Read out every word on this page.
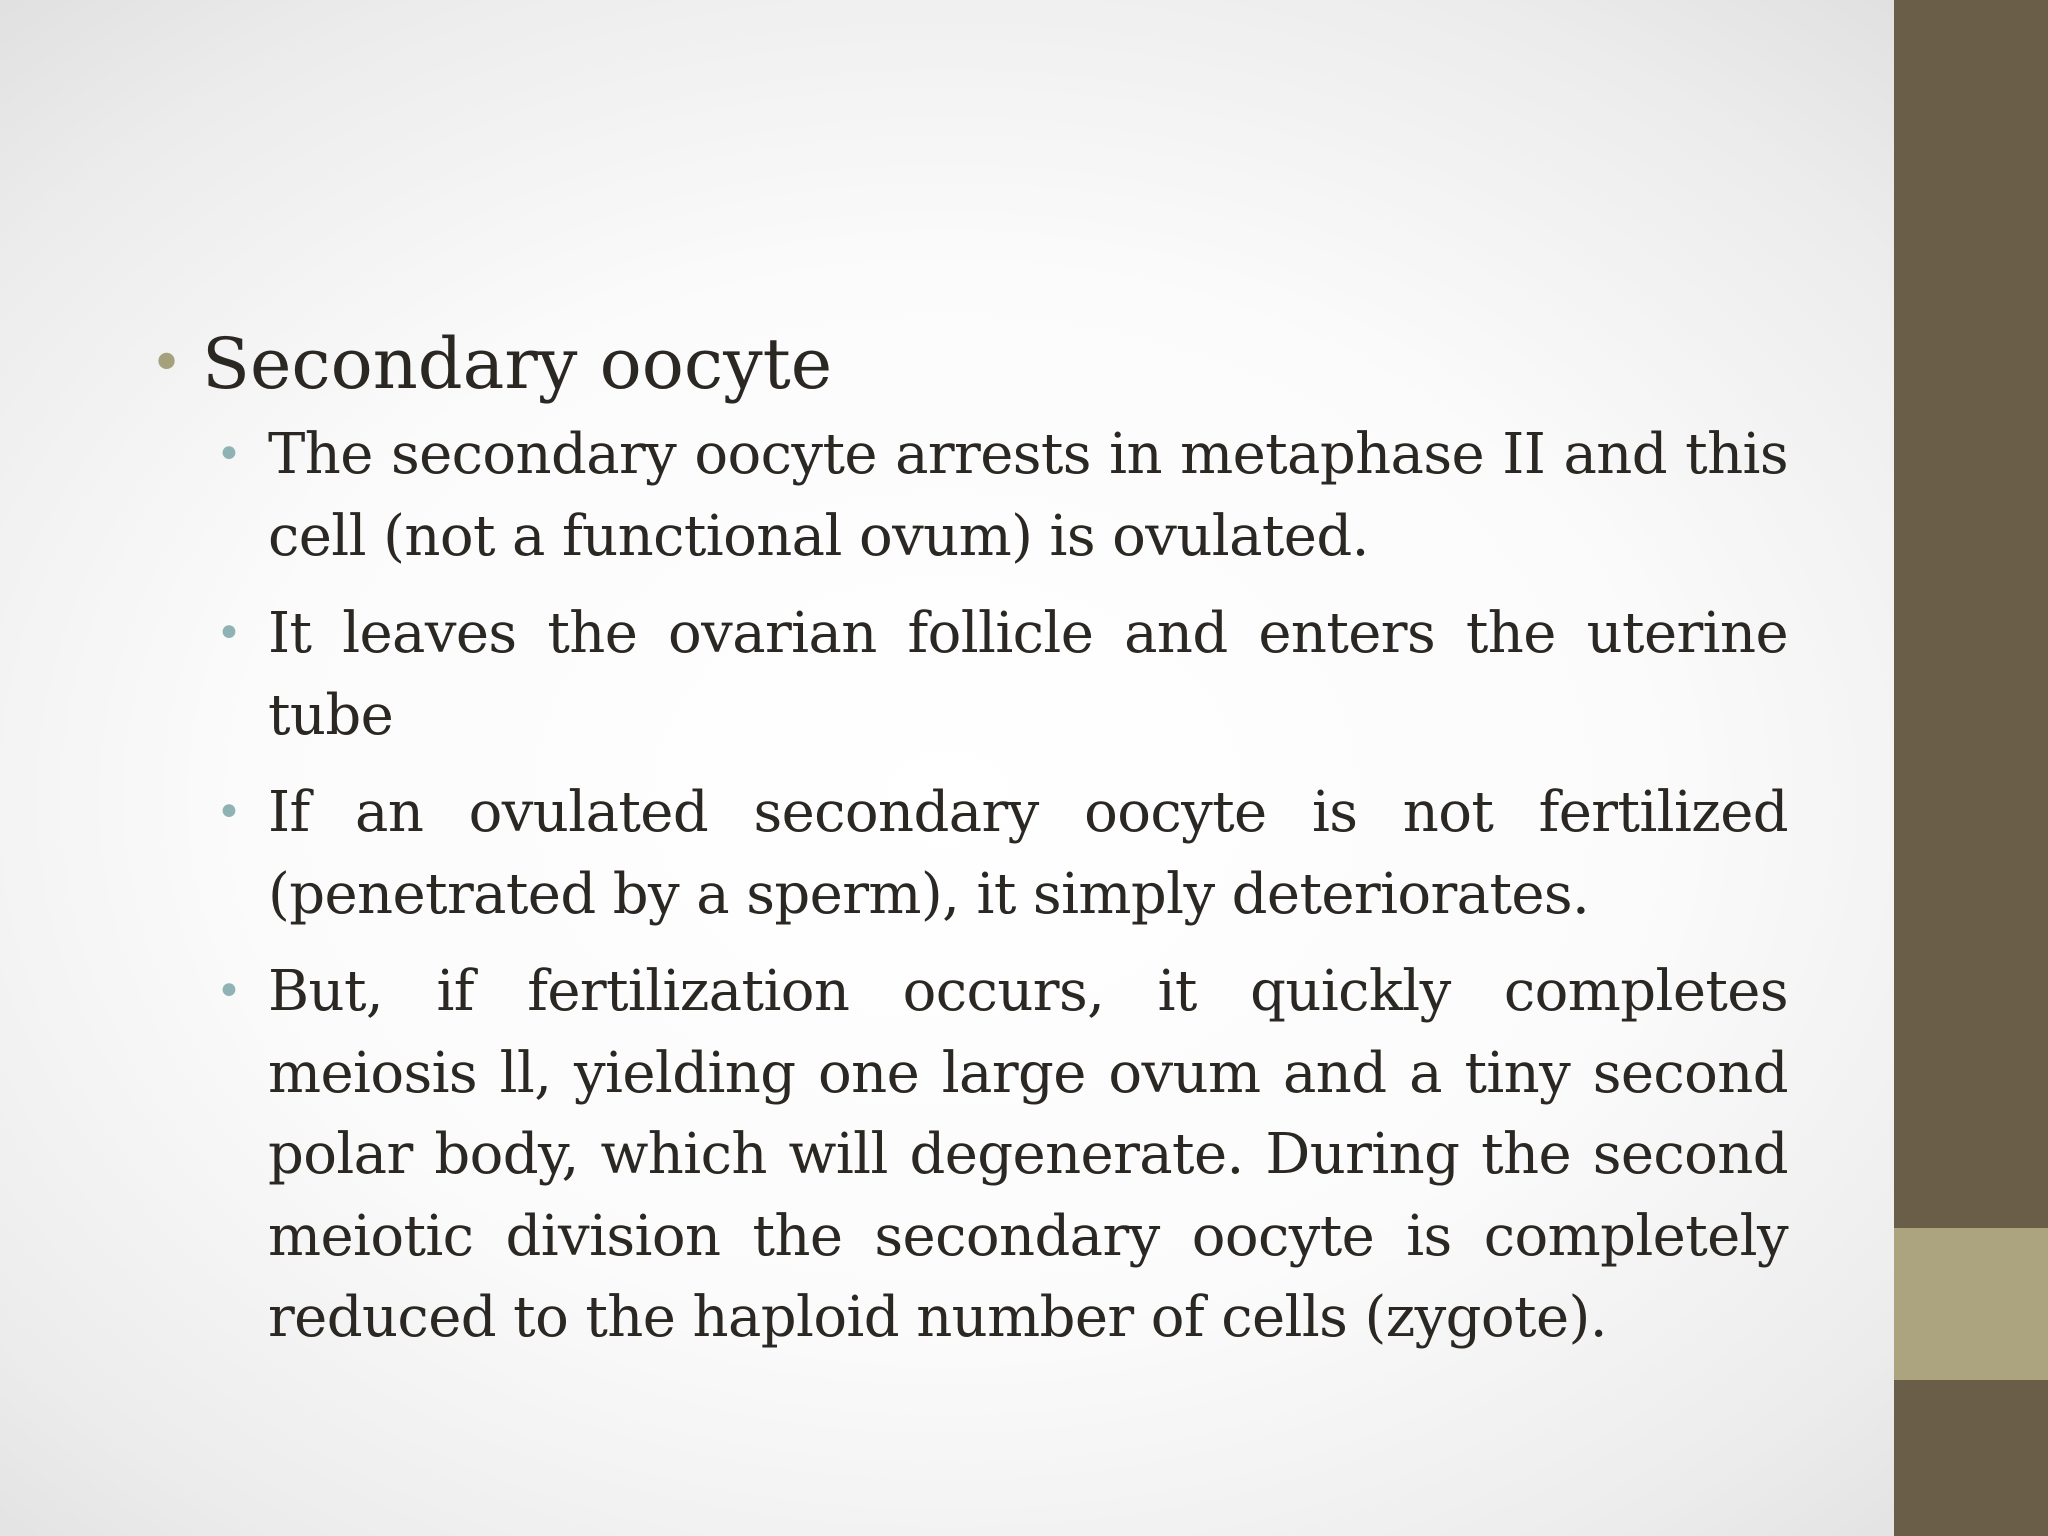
• Secondary oocyte
• The secondary oocyte arrests in metaphase II and this cell (not a functional ovum) is ovulated.
• It leaves the ovarian follicle and enters the uterine tube
• If an ovulated secondary oocyte is not fertilized (penetrated by a sperm), it simply deteriorates.
• But, if fertilization occurs, it quickly completes meiosis ll, yielding one large ovum and a tiny second polar body, which will degenerate. During the second meiotic division the secondary oocyte is completely reduced to the haploid number of cells (zygote).
